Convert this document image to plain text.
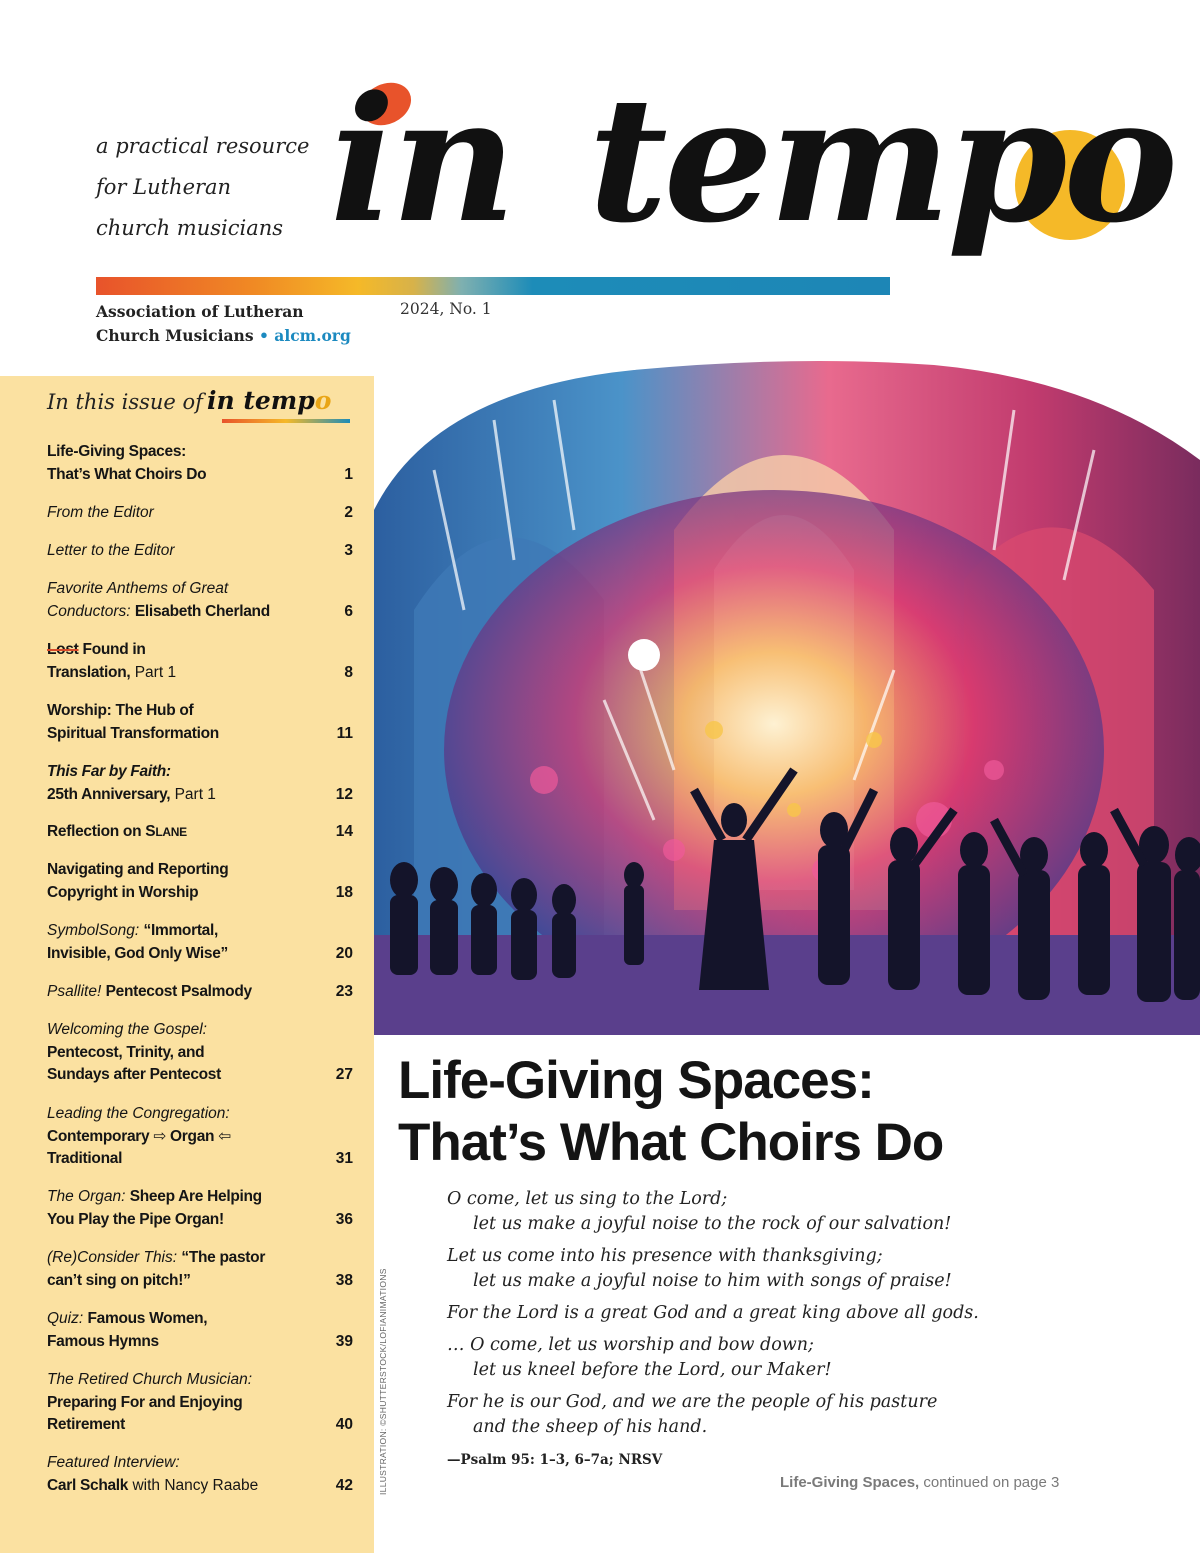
a practical resource
for Lutheran
church musicians in tempo
Association of Lutheran
Church Musicians • alcm.org
2024, No. 1
In this issue of in tempo
Life-Giving Spaces:
That’s What Choirs Do	1
From the Editor	2
Letter to the Editor	3
Favorite Anthems of Great
Conductors: Elisabeth Cherland	6
Lost Found in
Translation, Part 1	8
Worship: The Hub of
Spiritual Transformation	11
This Far by Faith:
25th Anniversary, Part 1	12
Reflection on SLANE	14
Navigating and Reporting
Copyright in Worship	18
SymbolSong: “Immortal,
Invisible, God Only Wise”	20
Psallite! Pentecost Psalmody	23
Welcoming the Gospel:
Pentecost, Trinity, and
Sundays after Pentecost	27
Leading the Congregation:
Contemporary ⇨ Organ ⇦
Traditional	31
The Organ: Sheep Are Helping
You Play the Pipe Organ!	36
(Re)Consider This: “The pastor
can’t sing on pitch!”	38
Quiz: Famous Women,
Famous Hymns	39
The Retired Church Musician:
Preparing For and Enjoying
Retirement	40
Featured Interview:
Carl Schalk with Nancy Raabe	42	ILLUSTRATION: ©SHUTTERSTOCK/LOFIANIMATIONS
Life-Giving Spaces:
That’s What Choirs Do
O come, let us sing to the Lord;
let us make a joyful noise to the rock of our salvation!
Let us come into his presence with thanksgiving;
let us make a joyful noise to him with songs of praise!
For the Lord is a great God and a great king above all gods.
… O come, let us worship and bow down;
let us kneel before the Lord, our Maker!
For he is our God, and we are the people of his pasture
and the sheep of his hand.
—Psalm 95: 1–3, 6–7a; NRSV
Life-Giving Spaces, continued on page 3
